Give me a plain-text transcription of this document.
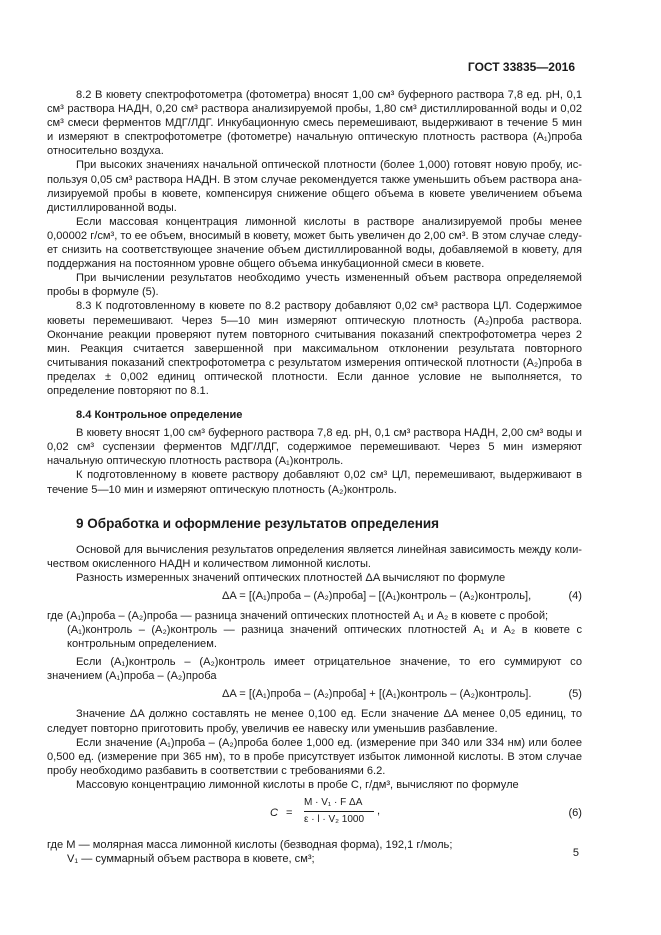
ГОСТ 33835—2016

8.2 В кювету спектрофотометра (фотометра) вносят 1,00 см³ буферного раствора 7,8 ед. рН, 0,1 см³ раствора НАДН, 0,20 см³ раствора анализируемой пробы, 1,80 см³ дистиллированной воды и 0,02 см³ смеси ферментов МДГ/ЛДГ. Инкубационную смесь перемешивают, выдерживают в течение 5 мин и измеряют в спектрофотометре (фотометре) начальную оптическую плотность раствора (A₁)проба относительно воздуха.

При высоких значениях начальной оптической плотности (более 1,000) готовят новую пробу, используя 0,05 см³ раствора НАДН. В этом случае рекомендуется также уменьшить объем раствора анализируемой пробы в кювете, компенсируя снижение общего объема в кювете увеличением объема дистиллированной воды.

Если массовая концентрация лимонной кислоты в растворе анализируемой пробы менее 0,00002 г/см³, то ее объем, вносимый в кювету, может быть увеличен до 2,00 см³. В этом случае следует снизить на соответствующее значение объем дистиллированной воды, добавляемой в кювету, для поддержания на постоянном уровне общего объема инкубационной смеси в кювете.

При вычислении результатов необходимо учесть измененный объем раствора определяемой пробы в формуле (5).

8.3 К подготовленному в кювете по 8.2 раствору добавляют 0,02 см³ раствора ЦЛ. Содержимое кюветы перемешивают. Через 5—10 мин измеряют оптическую плотность (A₂)проба раствора. Окончание реакции проверяют путем повторного считывания показаний спектрофотометра через 2 мин. Реакция считается завершенной при максимальном отклонении результата повторного считывания показаний спектрофотометра с результатом измерения оптической плотности (A₂)проба в пределах ± 0,002 единиц оптической плотности. Если данное условие не выполняется, то определение повторяют по 8.1.

8.4 Контрольное определение

В кювету вносят 1,00 см³ буферного раствора 7,8 ед. рН, 0,1 см³ раствора НАДН, 2,00 см³ воды и 0,02 см³ суспензии ферментов МДГ/ЛДГ, содержимое перемешивают. Через 5 мин измеряют начальную оптическую плотность раствора (A₁)контроль.

К подготовленному в кювете раствору добавляют 0,02 см³ ЦЛ, перемешивают, выдерживают в течение 5—10 мин и измеряют оптическую плотность (A₂)контроль.

9 Обработка и оформление результатов определения

Основой для вычисления результатов определения является линейная зависимость между количеством окисленного НАДН и количеством лимонной кислоты.

Разность измеренных значений оптических плотностей ΔA вычисляют по формуле

ΔA = [(A₁)проба – (A₂)проба] – [(A₁)контроль – (A₂)контроль],	(4)

где (A₁)проба – (A₂)проба — разница значений оптических плотностей A₁ и A₂ в кювете с пробой;

(A₁)контроль – (A₂)контроль — разница значений оптических плотностей A₁ и A₂ в кювете с контрольным определением.

Если (A₁)контроль – (A₂)контроль имеет отрицательное значение, то его суммируют со значением (A₁)проба – (A₂)проба

ΔA = [(A₁)проба – (A₂)проба] + [(A₁)контроль – (A₂)контроль].	(5)

Значение ΔA должно составлять не менее 0,100 ед. Если значение ΔA менее 0,05 единиц, то следует повторно приготовить пробу, увеличив ее навеску или уменьшив разбавление.

Если значение (A₁)проба – (A₂)проба более 1,000 ед. (измерение при 340 или 334 нм) или более 0,500 ед. (измерение при 365 нм), то в пробе присутствует избыток лимонной кислоты. В этом случае пробу необходимо разбавить в соответствии с требованиями 6.2.

Массовую концентрацию лимонной кислоты в пробе С, г/дм³, вычисляют по формуле

C =
M · V₁ · F ΔA
ε · l · V₂ 1000
,	(6)

где M — молярная масса лимонной кислоты (безводная форма), 192,1 г/моль;

V₁ — суммарный объем раствора в кювете, см³;

5
